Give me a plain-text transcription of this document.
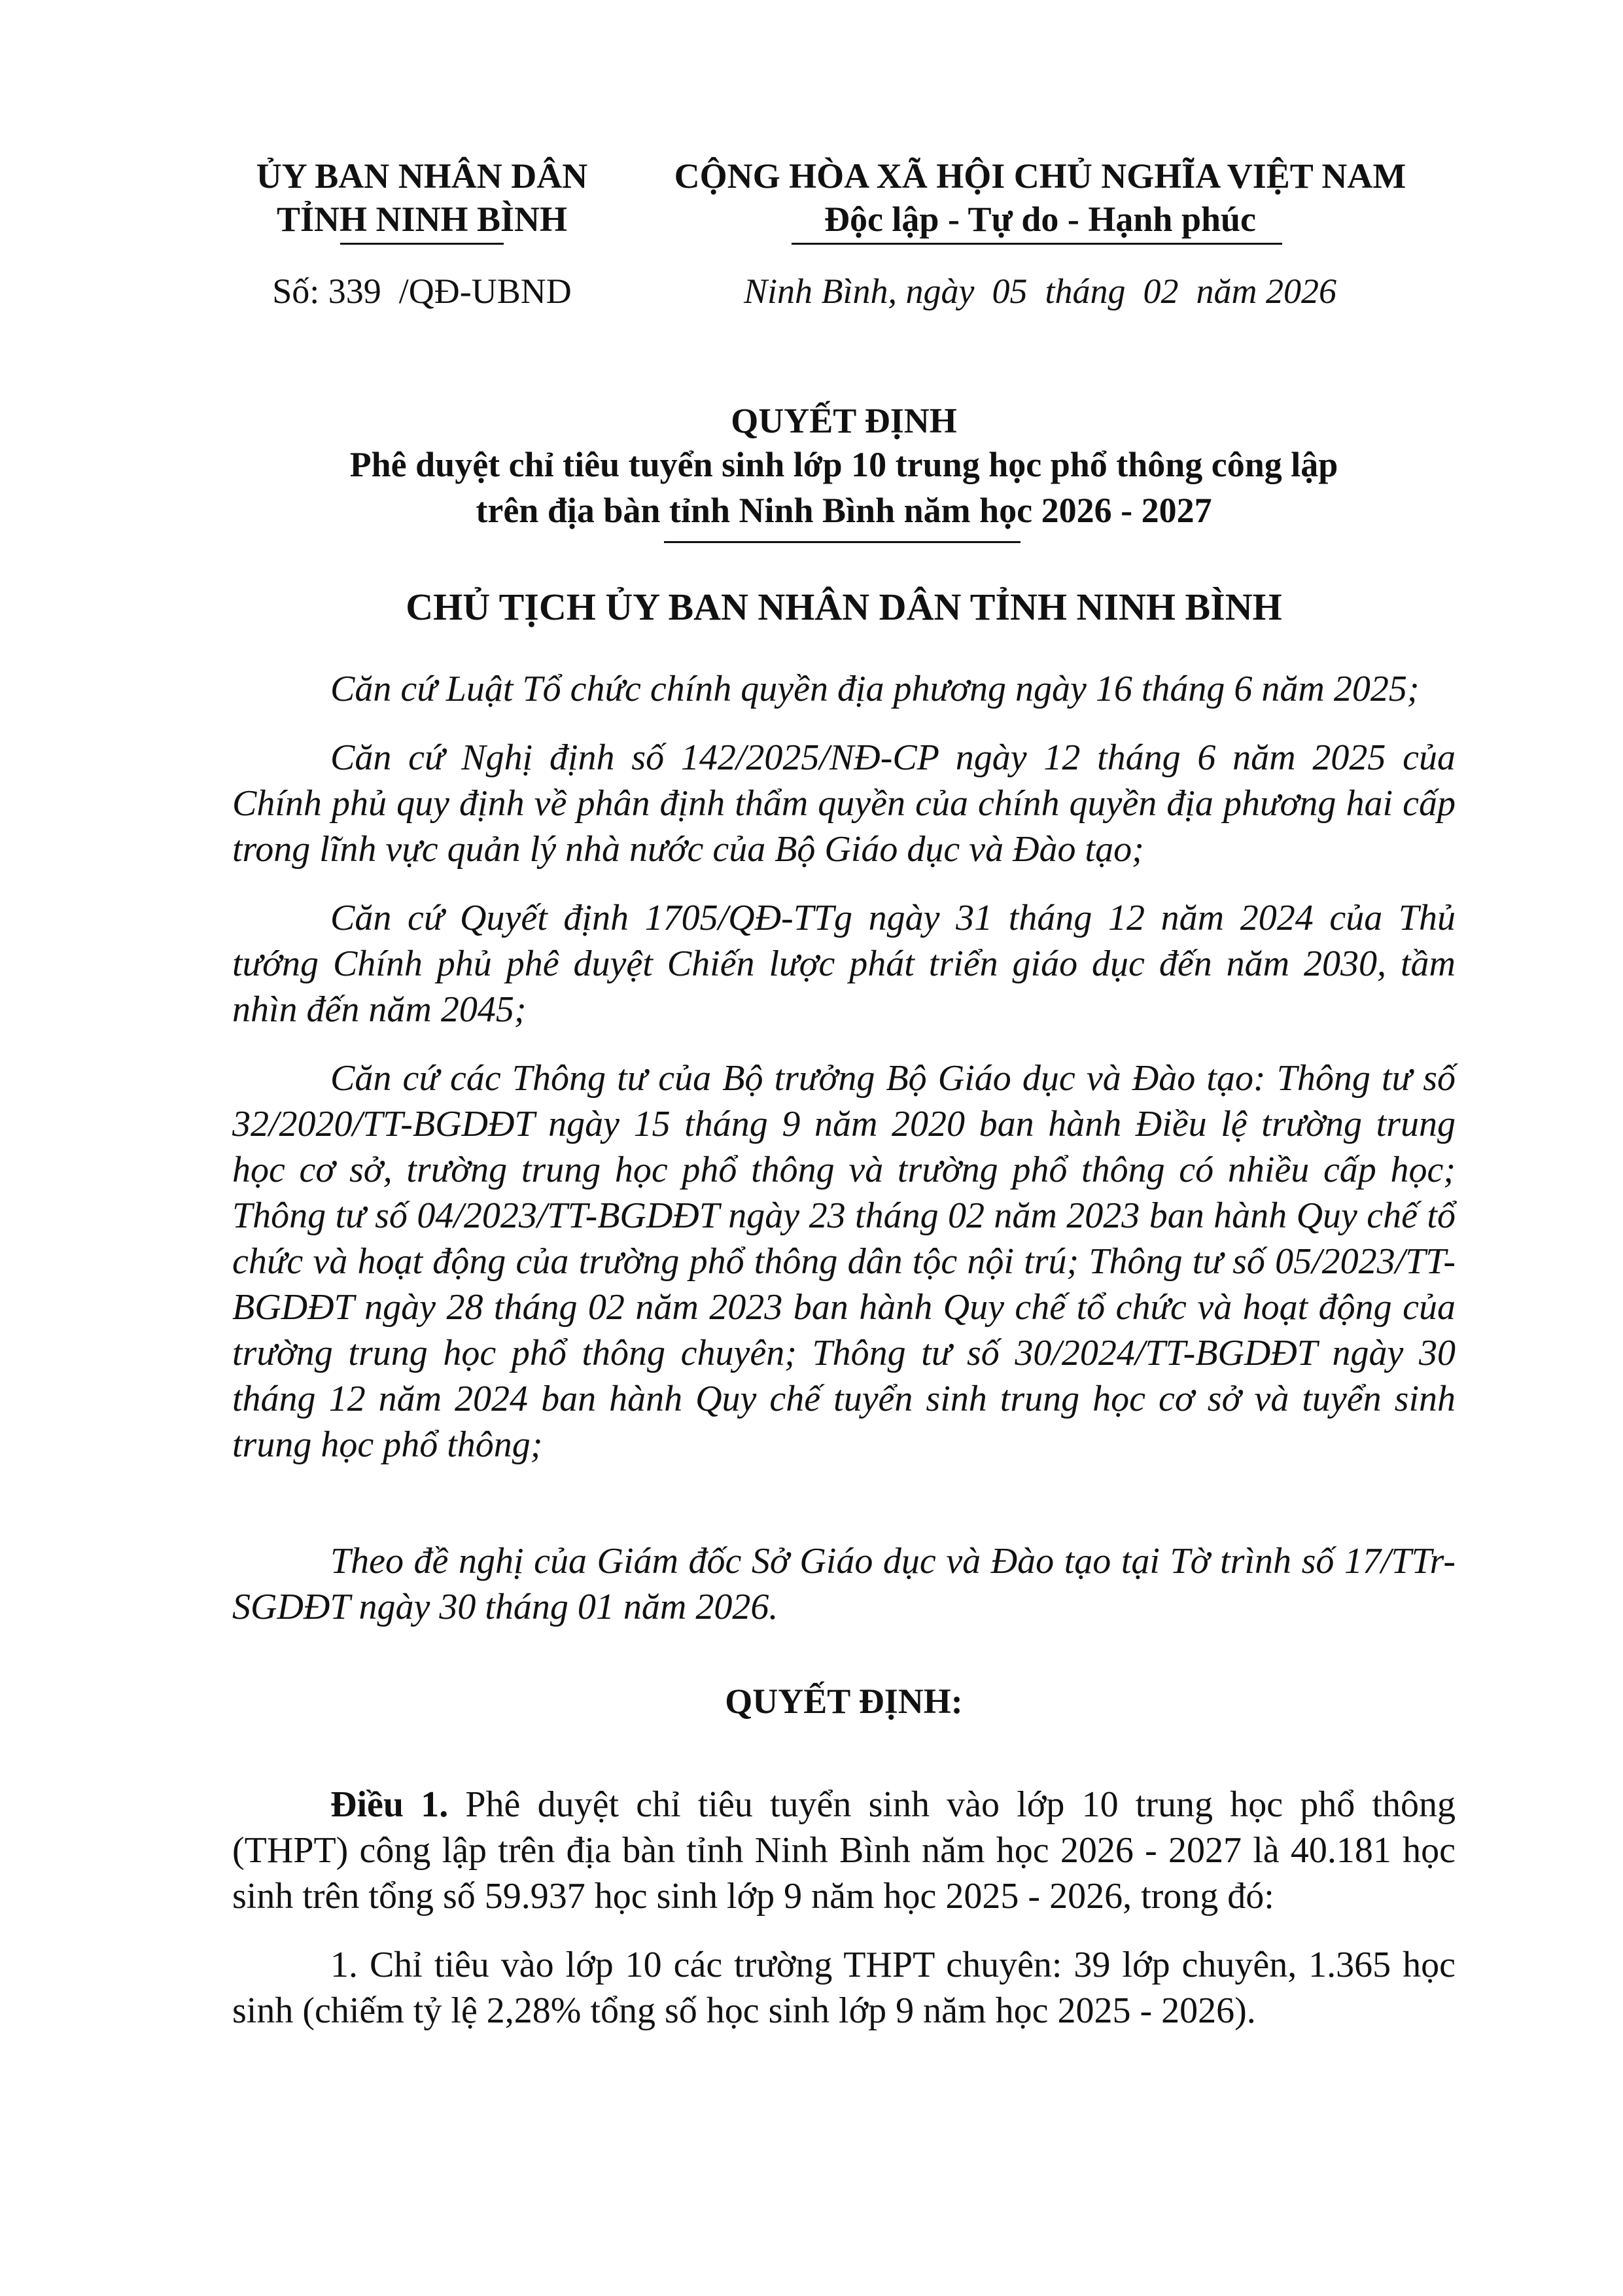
ỦY BAN NHÂN DÂN
TỈNH NINH BÌNH
CỘNG HÒA XÃ HỘI CHỦ NGHĨA VIỆT NAM
Độc lập - Tự do - Hạnh phúc
Số: 339  /QĐ-UBND	Ninh Bình, ngày  05  tháng  02  năm 2026
QUYẾT ĐỊNH
Phê duyệt chỉ tiêu tuyển sinh lớp 10 trung học phổ thông công lập
trên địa bàn tỉnh Ninh Bình năm học 2026 - 2027
CHỦ TỊCH ỦY BAN NHÂN DÂN TỈNH NINH BÌNH
Căn cứ Luật Tổ chức chính quyền địa phương ngày 16 tháng 6 năm 2025;
Căn cứ Nghị định số 142/2025/NĐ-CP ngày 12 tháng 6 năm 2025 của Chính phủ quy định về phân định thẩm quyền của chính quyền địa phương hai cấp trong lĩnh vực quản lý nhà nước của Bộ Giáo dục và Đào tạo;
Căn cứ Quyết định 1705/QĐ-TTg ngày 31 tháng 12 năm 2024 của Thủ tướng Chính phủ phê duyệt Chiến lược phát triển giáo dục đến năm 2030, tầm nhìn đến năm 2045;
Căn cứ các Thông tư của Bộ trưởng Bộ Giáo dục và Đào tạo: Thông tư số 32/2020/TT-BGDĐT ngày 15 tháng 9 năm 2020 ban hành Điều lệ trường trung học cơ sở, trường trung học phổ thông và trường phổ thông có nhiều cấp học; Thông tư số 04/2023/TT-BGDĐT ngày 23 tháng 02 năm 2023 ban hành Quy chế tổ chức và hoạt động của trường phổ thông dân tộc nội trú; Thông tư số 05/2023/TT-BGDĐT ngày 28 tháng 02 năm 2023 ban hành Quy chế tổ chức và hoạt động của trường trung học phổ thông chuyên; Thông tư số 30/2024/TT-BGDĐT ngày 30 tháng 12 năm 2024 ban hành Quy chế tuyển sinh trung học cơ sở và tuyển sinh trung học phổ thông;
Theo đề nghị của Giám đốc Sở Giáo dục và Đào tạo tại Tờ trình số 17/TTr-SGDĐT ngày 30 tháng 01 năm 2026.
QUYẾT ĐỊNH:
Điều 1. Phê duyệt chỉ tiêu tuyển sinh vào lớp 10 trung học phổ thông (THPT) công lập trên địa bàn tỉnh Ninh Bình năm học 2026 - 2027 là 40.181 học sinh trên tổng số 59.937 học sinh lớp 9 năm học 2025 - 2026, trong đó:
1. Chỉ tiêu vào lớp 10 các trường THPT chuyên: 39 lớp chuyên, 1.365 học sinh (chiếm tỷ lệ 2,28% tổng số học sinh lớp 9 năm học 2025 - 2026).
